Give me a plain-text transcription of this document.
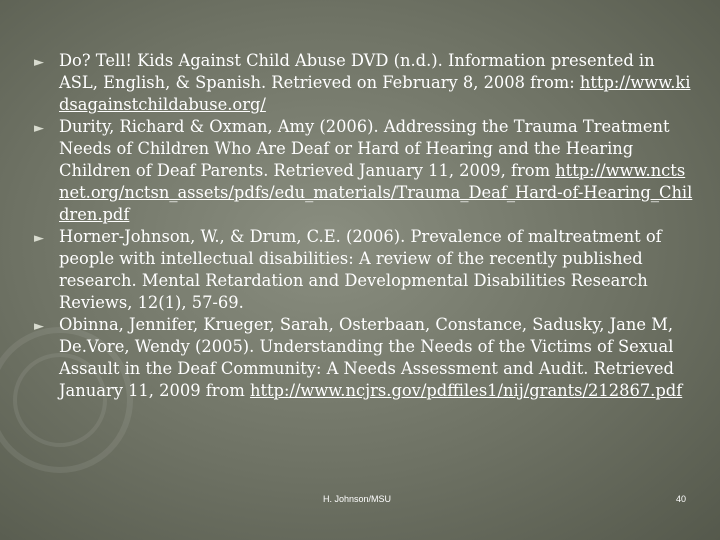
► Do? Tell! Kids Against Child Abuse DVD (n.d.). Information presented in ASL, English, & Spanish. Retrieved on February 8, 2008 from: http://www.kidsagainstchildabuse.org/
► Durity, Richard & Oxman, Amy (2006). Addressing the Trauma Treatment Needs of Children Who Are Deaf or Hard of Hearing and the Hearing Children of Deaf Parents. Retrieved January 11, 2009, from http://www.nctsnet.org/nctsn_assets/pdfs/edu_materials/Trauma_Deaf_Hard-of-Hearing_Children.pdf
► Horner-Johnson, W., & Drum, C.E. (2006). Prevalence of maltreatment of people with intellectual disabilities: A review of the recently published research. Mental Retardation and Developmental Disabilities Research Reviews, 12(1), 57-69.
► Obinna, Jennifer, Krueger, Sarah, Osterbaan, Constance, Sadusky, Jane M, De.Vore, Wendy (2005). Understanding the Needs of the Victims of Sexual Assault in the Deaf Community: A Needs Assessment and Audit. Retrieved January 11, 2009 from http://www.ncjrs.gov/pdffiles1/nij/grants/212867.pdf
H. Johnson/MSU	40
